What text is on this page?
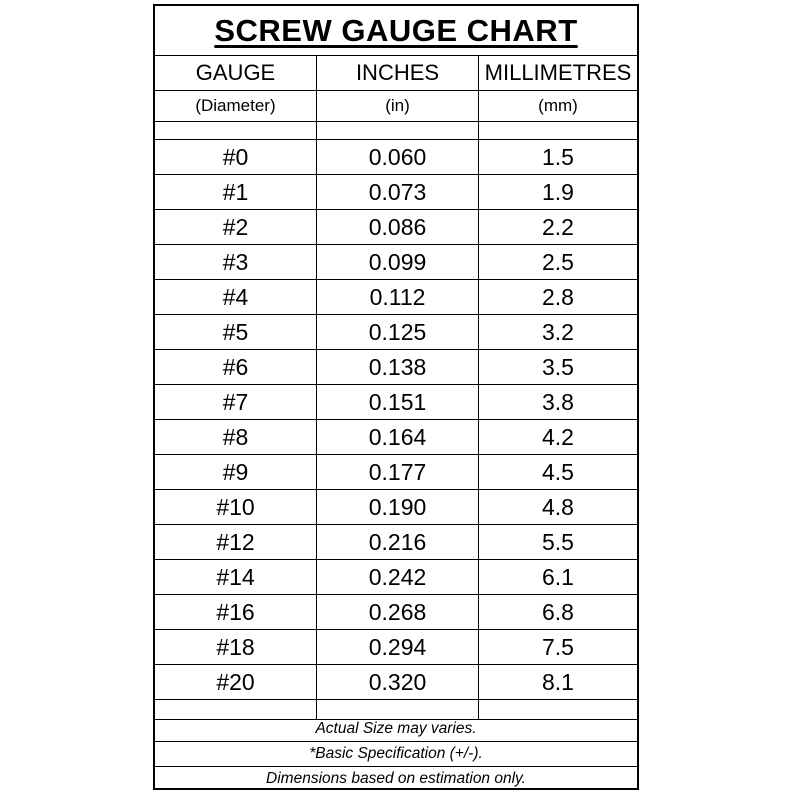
SCREW GAUGE CHART
GAUGE	INCHES	MILLIMETRES
(Diameter)	(in)	(mm)
#0	0.060	1.5
#1	0.073	1.9
#2	0.086	2.2
#3	0.099	2.5
#4	0.112	2.8
#5	0.125	3.2
#6	0.138	3.5
#7	0.151	3.8
#8	0.164	4.2
#9	0.177	4.5
#10	0.190	4.8
#12	0.216	5.5
#14	0.242	6.1
#16	0.268	6.8
#18	0.294	7.5
#20	0.320	8.1
Actual Size may varies.
*Basic Specification (+/-).
Dimensions based on estimation only.
